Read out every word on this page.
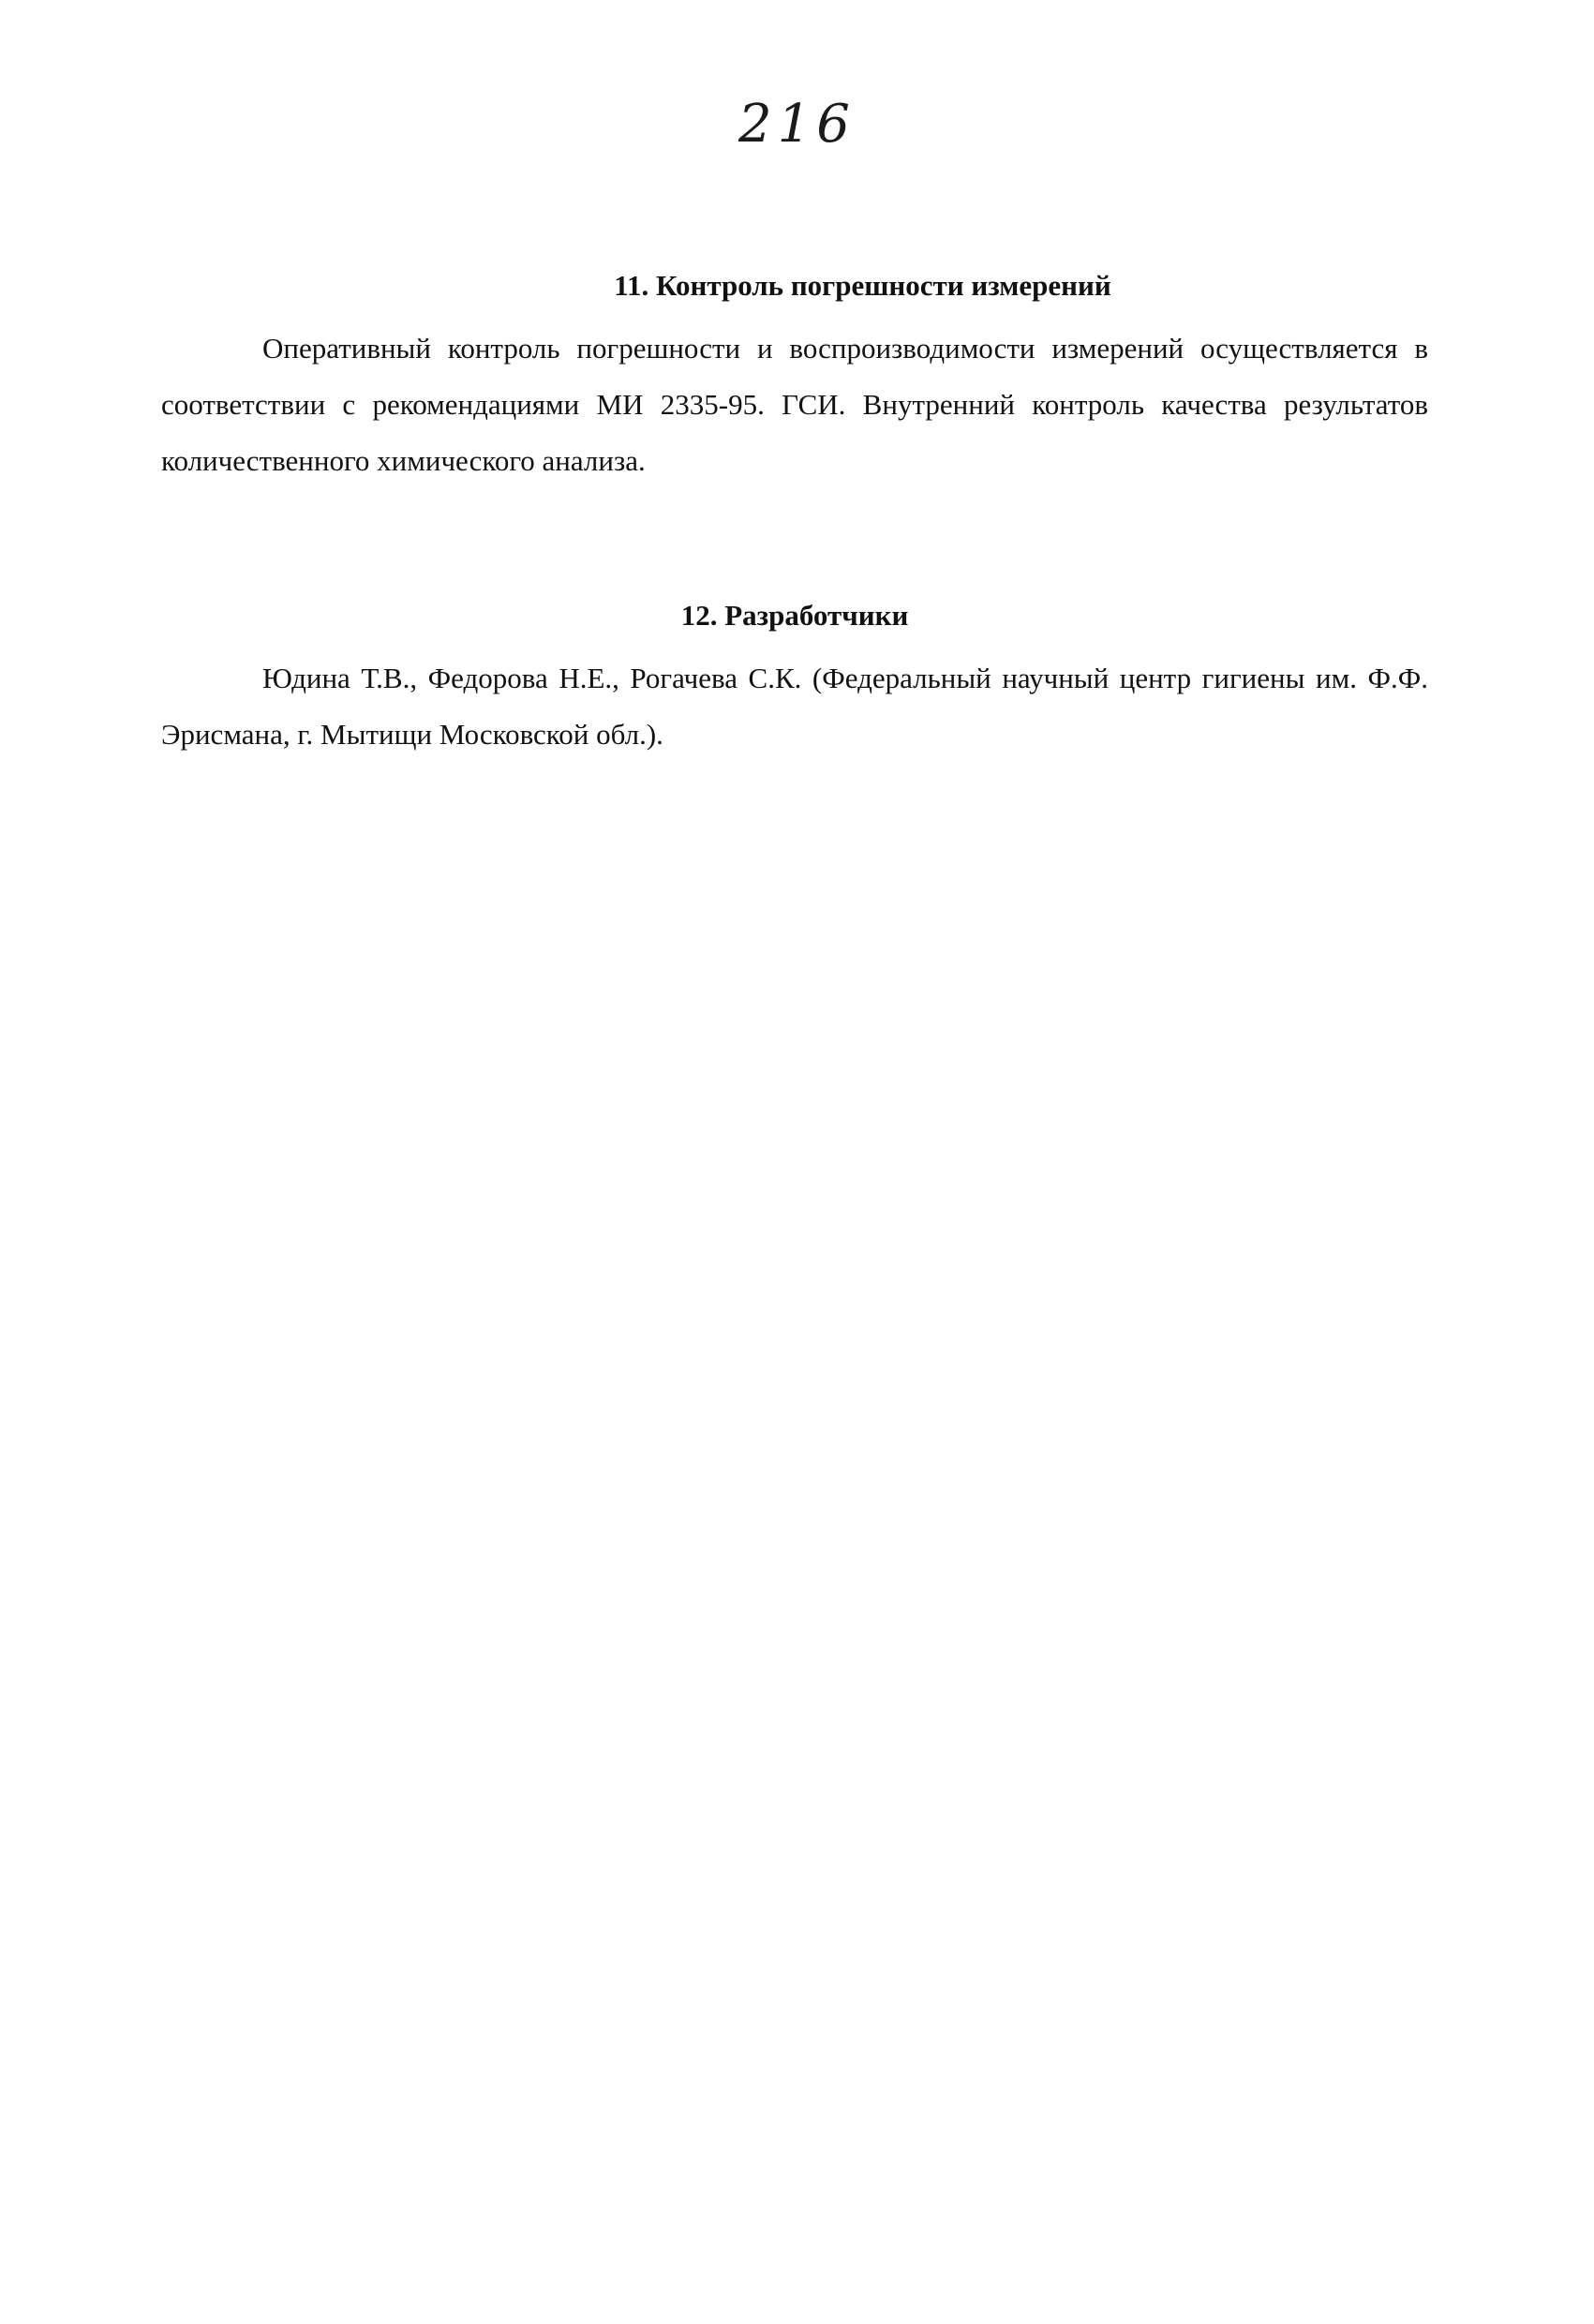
216
11. Контроль погрешности измерений

Оперативный контроль погрешности и воспроизводимости измерений осуществляется в соответствии с рекомендациями МИ 2335-95. ГСИ. Внутренний контроль качества результатов количественного химического анализа.

12. Разработчики

Юдина Т.В., Федорова Н.Е., Рогачева С.К. (Федеральный научный центр гигиены им. Ф.Ф. Эрисмана, г. Мытищи Московской обл.).
